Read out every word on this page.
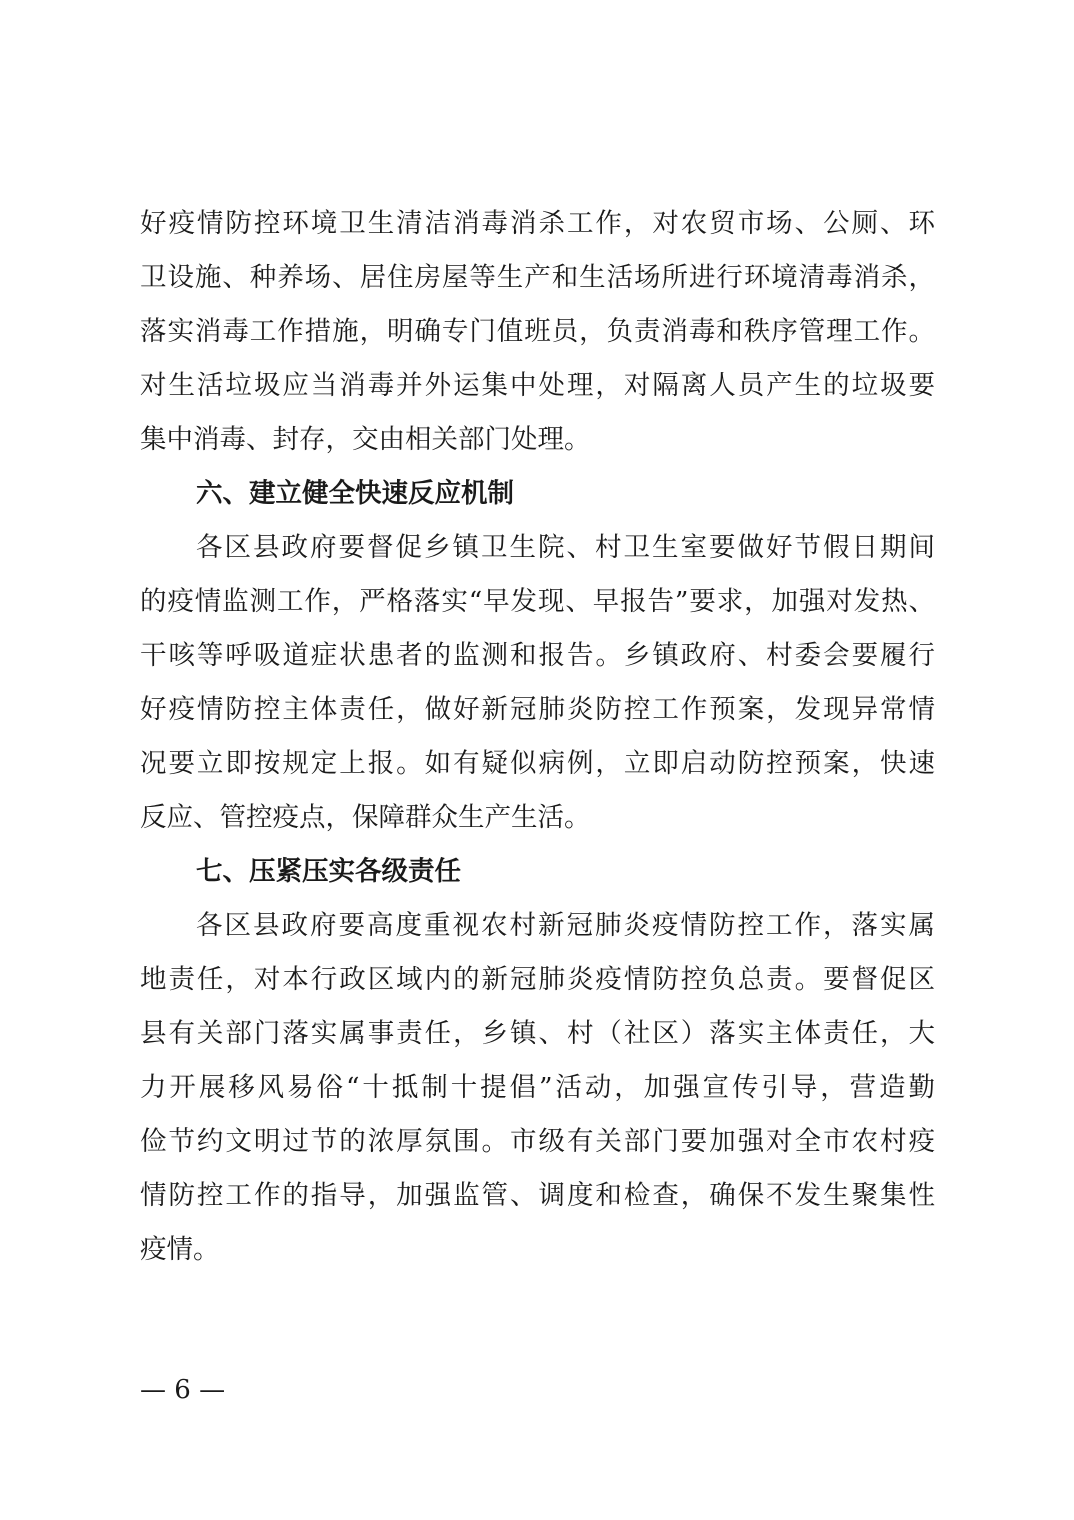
好疫情防控环境卫生清洁消毒消杀工作，对农贸市场、公厕、环
卫设施、种养场、居住房屋等生产和生活场所进行环境清毒消杀，
落实消毒工作措施，明确专门值班员，负责消毒和秩序管理工作。
对生活垃圾应当消毒并外运集中处理，对隔离人员产生的垃圾要
集中消毒、封存，交由相关部门处理。
六、建立健全快速反应机制
各区县政府要督促乡镇卫生院、村卫生室要做好节假日期间
的疫情监测工作，严格落实“早发现、早报告”要求，加强对发热、
干咳等呼吸道症状患者的监测和报告。乡镇政府、村委会要履行
好疫情防控主体责任，做好新冠肺炎防控工作预案，发现异常情
况要立即按规定上报。如有疑似病例，立即启动防控预案，快速
反应、管控疫点，保障群众生产生活。
七、压紧压实各级责任
各区县政府要高度重视农村新冠肺炎疫情防控工作，落实属
地责任，对本行政区域内的新冠肺炎疫情防控负总责。要督促区
县有关部门落实属事责任，乡镇、村（社区）落实主体责任，大
力开展移风易俗“十抵制十提倡”活动，加强宣传引导，营造勤
俭节约文明过节的浓厚氛围。市级有关部门要加强对全市农村疫
情防控工作的指导，加强监管、调度和检查，确保不发生聚集性
疫情。
— 6 —
